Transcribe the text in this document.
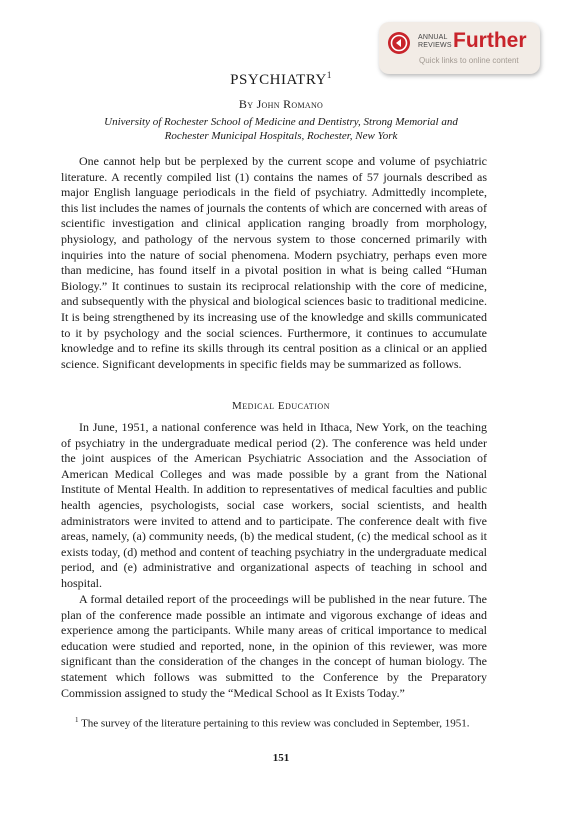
ANNUAL
REVIEWS Further
Quick links to online content
PSYCHIATRY$^1$
By John Romano
University of Rochester School of Medicine and Dentistry, Strong Memorial and
Rochester Municipal Hospitals, Rochester, New York

One cannot help but be perplexed by the current scope and volume of psychiatric literature. A recently compiled list (1) contains the names of 57 journals described as major English language periodicals in the field of psychiatry. Admittedly incomplete, this list includes the names of journals the contents of which are concerned with areas of scientific investigation and clinical application ranging broadly from morphology, physiology, and pathology of the nervous system to those concerned primarily with inquiries into the nature of social phenomena. Modern psychiatry, perhaps even more than medicine, has found itself in a pivotal position in what is being called “Human Biology.” It continues to sustain its reciprocal relationship with the core of medicine, and subsequently with the physical and biological sciences basic to traditional medicine. It is being strengthened by its increasing use of the knowledge and skills communicated to it by psychology and the social sciences. Furthermore, it continues to accumulate knowledge and to refine its skills through its central position as a clinical or an applied science. Significant developments in specific fields may be summarized as follows.

Medical Education

In June, 1951, a national conference was held in Ithaca, New York, on the teaching of psychiatry in the undergraduate medical period (2). The conference was held under the joint auspices of the American Psychiatric Association and the Association of American Medical Colleges and was made possible by a grant from the National Institute of Mental Health. In addition to representatives of medical faculties and public health agencies, psychologists, social case workers, social scientists, and health administrators were invited to attend and to participate. The conference dealt with five areas, namely, (a) community needs, (b) the medical student, (c) the medical school as it exists today, (d) method and content of teaching psychiatry in the undergraduate medical period, and (e) administrative and organizational aspects of teaching in school and hospital.

A formal detailed report of the proceedings will be published in the near future. The plan of the conference made possible an intimate and vigorous exchange of ideas and experience among the participants. While many areas of critical importance to medical education were studied and reported, none, in the opinion of this reviewer, was more significant than the consideration of the changes in the concept of human biology. The statement which follows was submitted to the Conference by the Preparatory Commission assigned to study the “Medical School as It Exists Today.”

$^1$ The survey of the literature pertaining to this review was concluded in September, 1951.

151
